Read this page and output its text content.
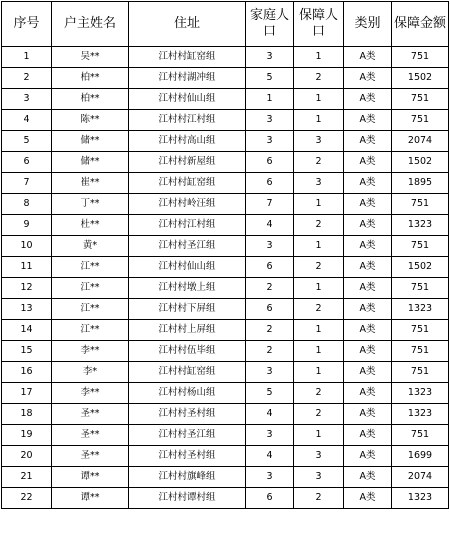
序号	户主姓名	住址	家庭人口	保障人口	类别	保障金额
1	吴**	江村村缸窑组	3	1	A类	751
2	柏**	江村村湖冲组	5	2	A类	1502
3	柏**	江村村仙山组	1	1	A类	751
4	陈**	江村村江村组	3	1	A类	751
5	储**	江村村高山组	3	3	A类	2074
6	储**	江村村新屋组	6	2	A类	1502
7	崔**	江村村缸窑组	6	3	A类	1895
8	丁**	江村村岭汪组	7	1	A类	751
9	杜**	江村村江村组	4	2	A类	1323
10	黄*	江村村圣江组	3	1	A类	751
11	江**	江村村仙山组	6	2	A类	1502
12	江**	江村村墩上组	2	1	A类	751
13	江**	江村村下屏组	6	2	A类	1323
14	江**	江村村上屏组	2	1	A类	751
15	李**	江村村伍毕组	2	1	A类	751
16	李*	江村村缸窑组	3	1	A类	751
17	李**	江村村杨山组	5	2	A类	1323
18	圣**	江村村圣村组	4	2	A类	1323
19	圣**	江村村圣江组	3	1	A类	751
20	圣**	江村村圣村组	4	3	A类	1699
21	谭**	江村村旗峰组	3	3	A类	2074
22	谭**	江村村谭村组	6	2	A类	1323
